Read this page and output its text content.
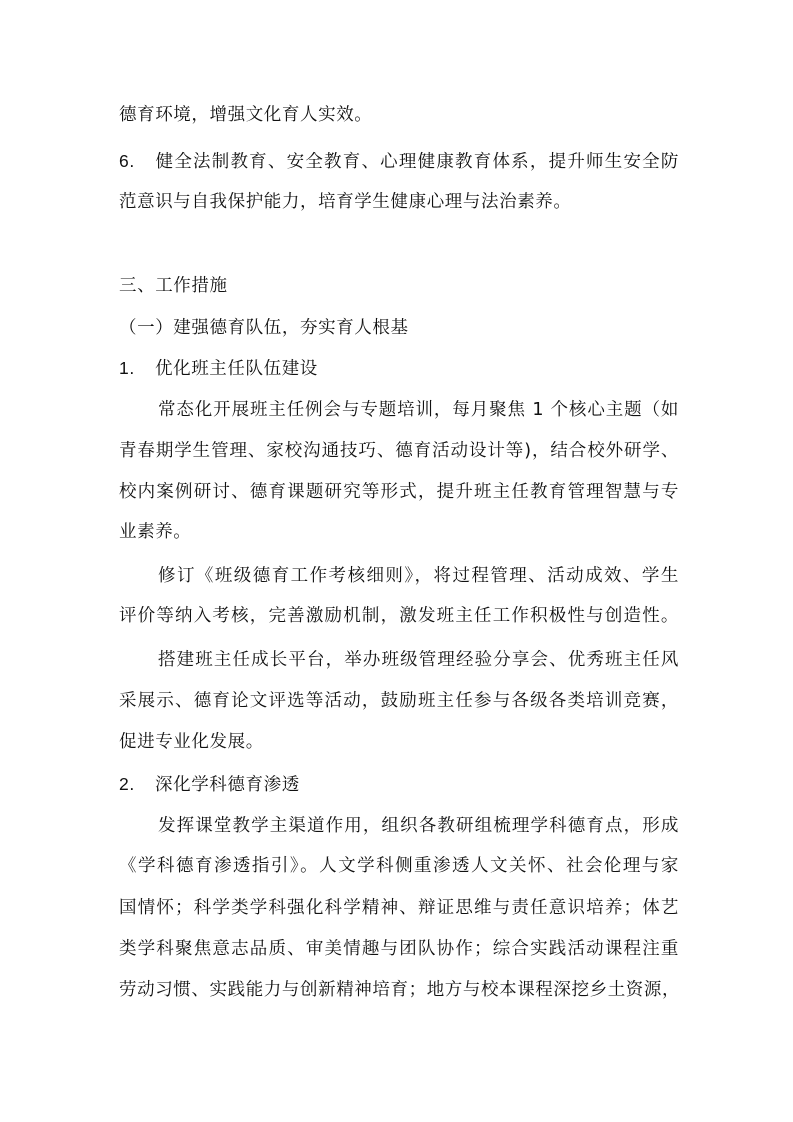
德育环境，增强文化育人实效。
6. 健全法制教育、安全教育、心理健康教育体系，提升师生安全防
范意识与自我保护能力，培育学生健康心理与法治素养。
三、工作措施
（一）建强德育队伍，夯实育人根基
1. 优化班主任队伍建设
常态化开展班主任例会与专题培训，每月聚焦 1 个核心主题（如
青春期学生管理、家校沟通技巧、德育活动设计等)，结合校外研学、
校内案例研讨、德育课题研究等形式，提升班主任教育管理智慧与专
业素养。
修订《班级德育工作考核细则》，将过程管理、活动成效、学生
评价等纳入考核，完善激励机制，激发班主任工作积极性与创造性。
搭建班主任成长平台，举办班级管理经验分享会、优秀班主任风
采展示、德育论文评选等活动，鼓励班主任参与各级各类培训竞赛，
促进专业化发展。
2. 深化学科德育渗透
发挥课堂教学主渠道作用，组织各教研组梳理学科德育点，形成
《学科德育渗透指引》。人文学科侧重渗透人文关怀、社会伦理与家
国情怀；科学类学科强化科学精神、辩证思维与责任意识培养；体艺
类学科聚焦意志品质、审美情趣与团队协作；综合实践活动课程注重
劳动习惯、实践能力与创新精神培育；地方与校本课程深挖乡土资源，
